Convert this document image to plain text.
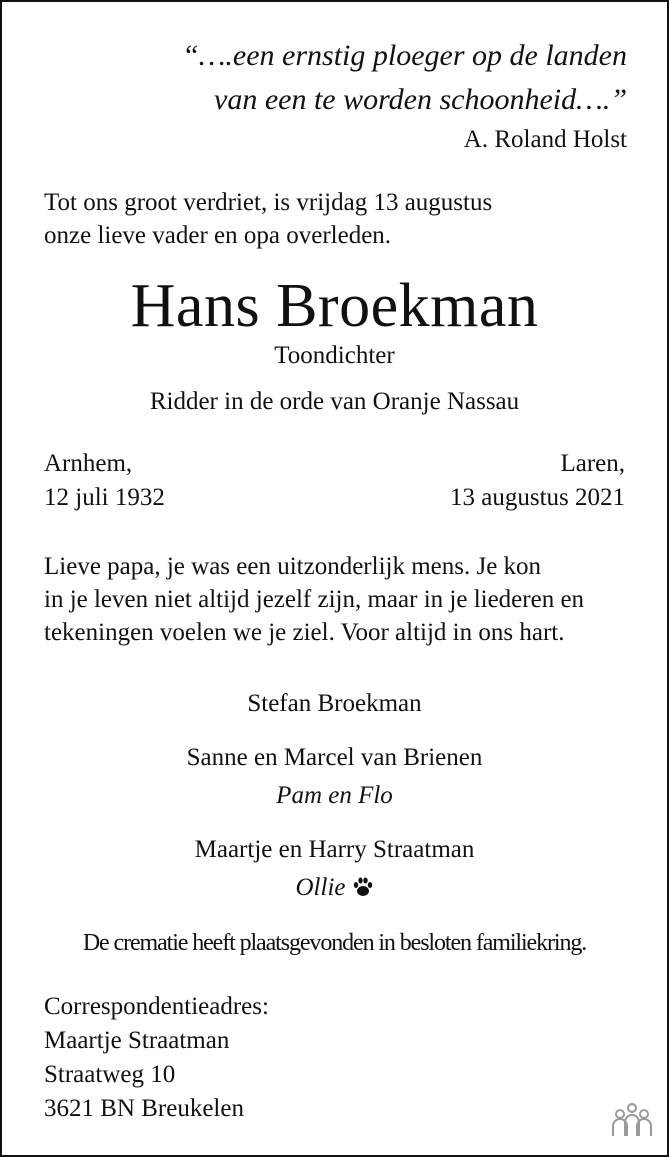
“….een ernstig ploeger op de landen

van een te worden schoonheid….”

A. Roland Holst

Tot ons groot verdriet, is vrijdag 13 augustus
onze lieve vader en opa overleden.
Hans Broekman

Toondichter

Ridder in de orde van Oranje Nassau

Arnhem,

12 juli 1932

Laren,

13 augustus 2021

Lieve papa, je was een uitzonderlijk mens. Je kon
in je leven niet altijd jezelf zijn, maar in je liederen en
tekeningen voelen we je ziel. Voor altijd in ons hart.

Stefan Broekman

Sanne en Marcel van Brienen

Pam en Flo

Maartje en Harry Straatman

Ollie

De crematie heeft plaatsgevonden in besloten familiekring.

Correspondentieadres:

Maartje Straatman

Straatweg 10

3621 BN Breukelen
